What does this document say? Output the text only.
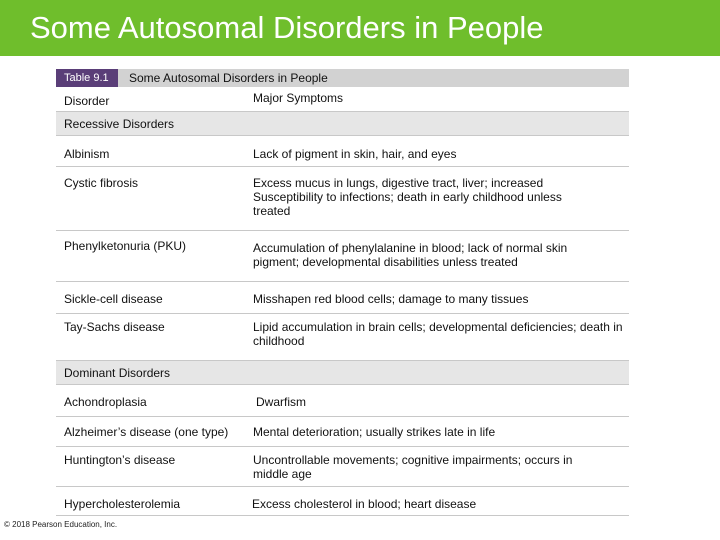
Some Autosomal Disorders in People
Table 9.1	Some Autosomal Disorders in People
Disorder	Major Symptoms
Recessive Disorders
Albinism	Lack of pigment in skin, hair, and eyes
Cystic fibrosis	Excess mucus in lungs, digestive tract, liver; increased Susceptibility to infections; death in early childhood unless treated
Phenylketonuria (PKU)	Accumulation of phenylalanine in blood; lack of normal skin pigment; developmental disabilities unless treated
Sickle-cell disease	Misshapen red blood cells; damage to many tissues
Tay-Sachs disease	Lipid accumulation in brain cells; developmental deficiencies; death in childhood
Dominant Disorders
Achondroplasia	Dwarfism
Alzheimer’s disease (one type) Mental deterioration; usually strikes late in life
Huntington’s disease	Uncontrollable movements; cognitive impairments; occurs in middle age
Hypercholesterolemia	Excess cholesterol in blood; heart disease
© 2018 Pearson Education, Inc.
